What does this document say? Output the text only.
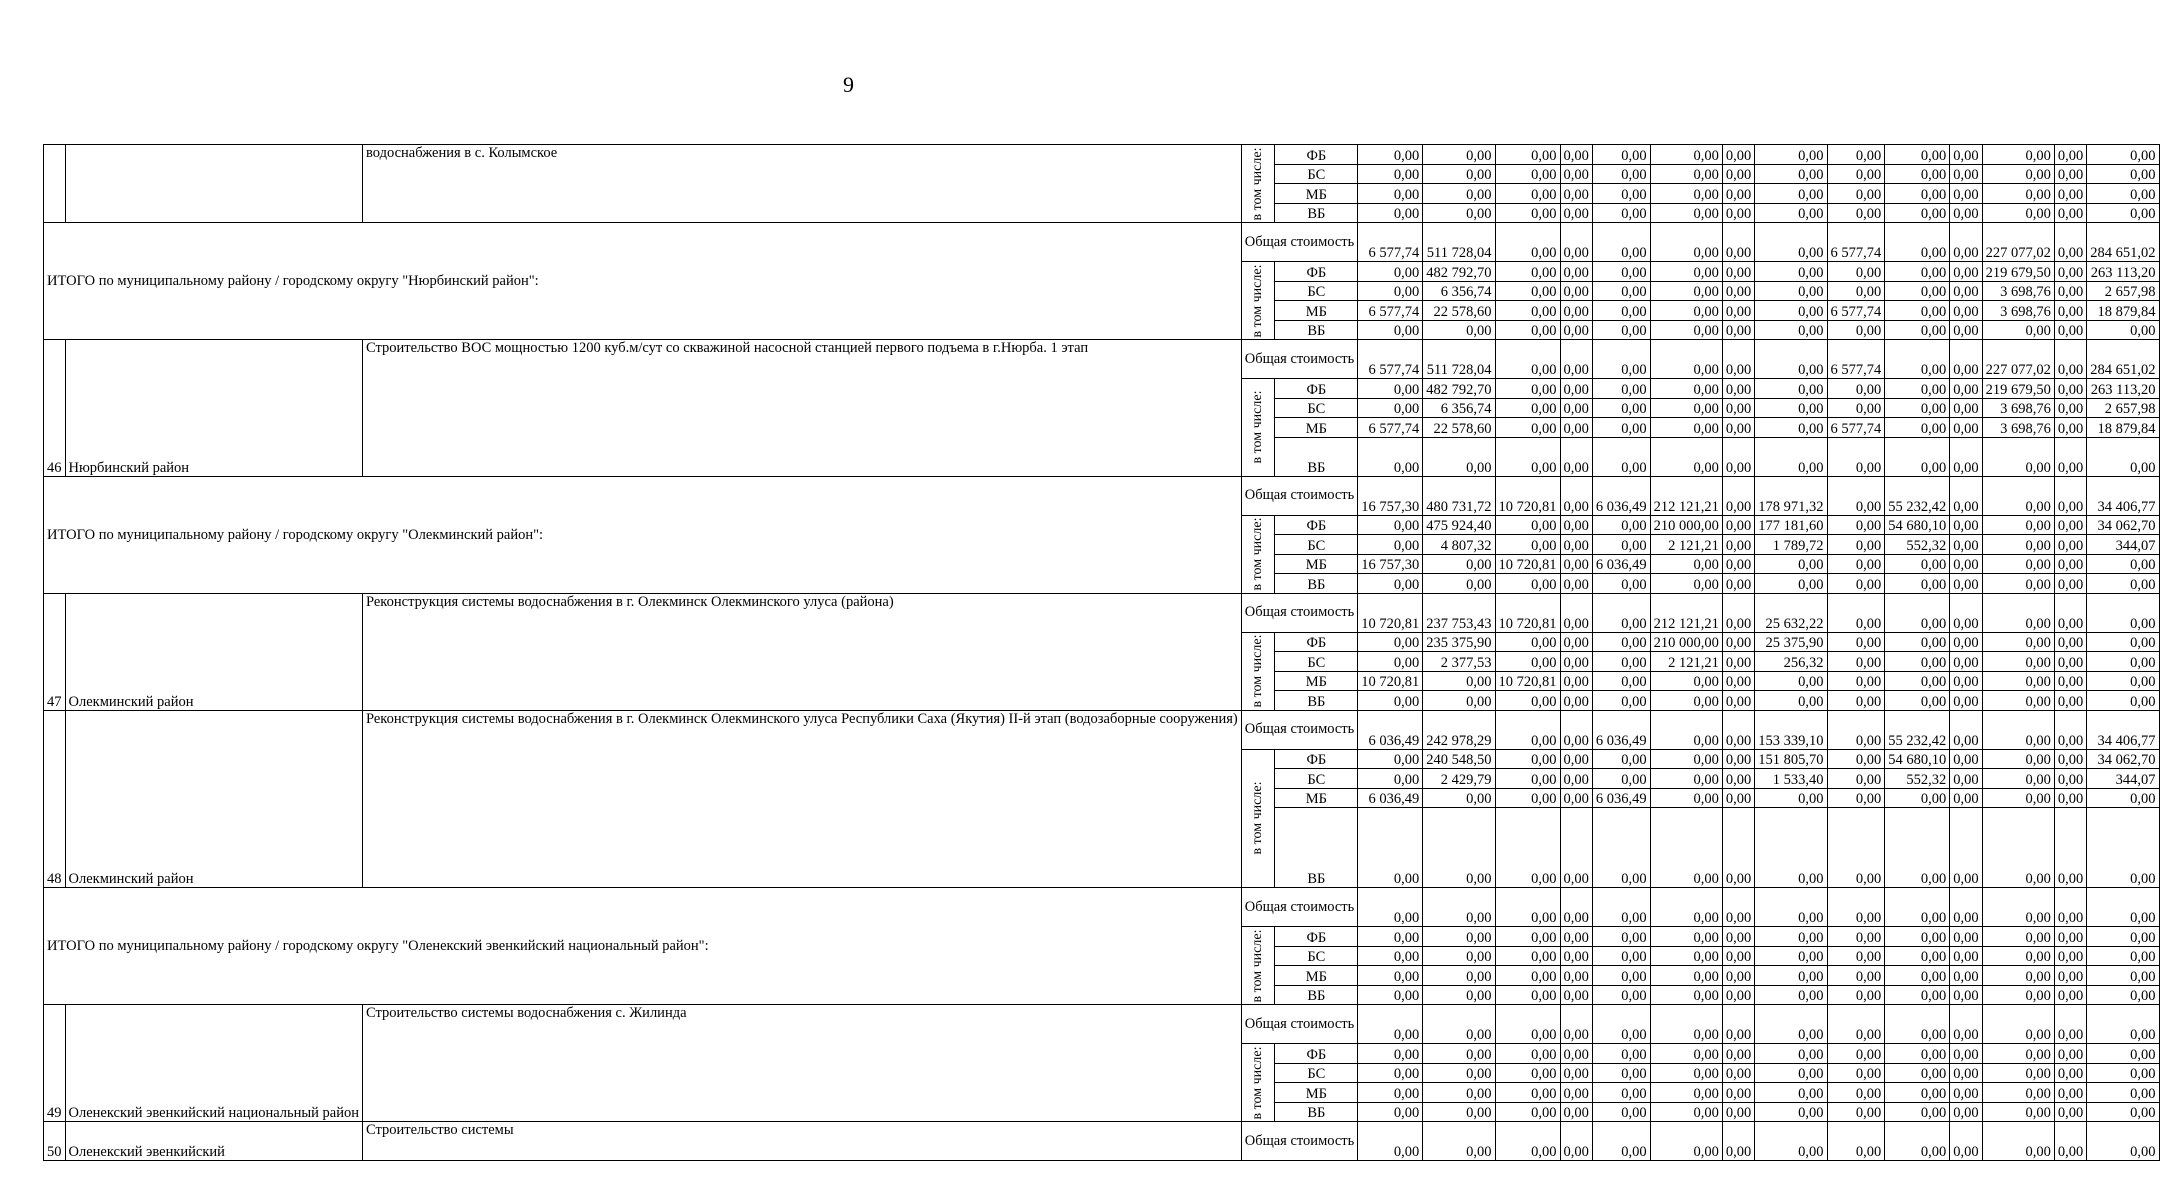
9
		водоснабжения в с. Колымское	в том числе:	ФБ	0,00	0,00	0,00	0,00	0,00	0,00	0,00	0,00	0,00	0,00	0,00	0,00	0,00	0,00
				БС	0,00	0,00	0,00	0,00	0,00	0,00	0,00	0,00	0,00	0,00	0,00	0,00	0,00	0,00
				МБ	0,00	0,00	0,00	0,00	0,00	0,00	0,00	0,00	0,00	0,00	0,00	0,00	0,00	0,00
				ВБ	0,00	0,00	0,00	0,00	0,00	0,00	0,00	0,00	0,00	0,00	0,00	0,00	0,00	0,00
ИТОГО по муниципальному району / городскому округу "Нюрбинский район":			Общая стоимость		6 577,74	511 728,04	0,00	0,00	0,00	0,00	0,00	0,00	6 577,74	0,00	0,00	227 077,02	0,00	284 651,02

			в том числе:	ФБ	0,00	482 792,70	0,00	0,00	0,00	0,00	0,00	0,00	0,00	0,00	0,00	219 679,50	0,00	263 113,20
				БС	0,00	6 356,74	0,00	0,00	0,00	0,00	0,00	0,00	0,00	0,00	0,00	3 698,76	0,00	2 657,98
				МБ	6 577,74	22 578,60	0,00	0,00	0,00	0,00	0,00	0,00	6 577,74	0,00	0,00	3 698,76	0,00	18 879,84
				ВБ	0,00	0,00	0,00	0,00	0,00	0,00	0,00	0,00	0,00	0,00	0,00	0,00	0,00	0,00
46	Нюрбинский район	Строительство ВОС мощностью 1200 куб.м/сут со скважиной насосной станцией первого подъема в г.Нюрба. 1 этап	Общая стоимость		6 577,74	511 728,04	0,00	0,00	0,00	0,00	0,00	0,00	6 577,74	0,00	0,00	227 077,02	0,00	284 651,02

			в том числе:	ФБ	0,00	482 792,70	0,00	0,00	0,00	0,00	0,00	0,00	0,00	0,00	0,00	219 679,50	0,00	263 113,20
				БС	0,00	6 356,74	0,00	0,00	0,00	0,00	0,00	0,00	0,00	0,00	0,00	3 698,76	0,00	2 657,98
				МБ	6 577,74	22 578,60	0,00	0,00	0,00	0,00	0,00	0,00	6 577,74	0,00	0,00	3 698,76	0,00	18 879,84
				ВБ	0,00	0,00	0,00	0,00	0,00	0,00	0,00	0,00	0,00	0,00	0,00	0,00	0,00	0,00
ИТОГО по муниципальному району / городскому округу "Олекминский район":			Общая стоимость		16 757,30	480 731,72	10 720,81	0,00	6 036,49	212 121,21	0,00	178 971,32	0,00	55 232,42	0,00	0,00	0,00	34 406,77

			в том числе:	ФБ	0,00	475 924,40	0,00	0,00	0,00	210 000,00	0,00	177 181,60	0,00	54 680,10	0,00	0,00	0,00	34 062,70
				БС	0,00	4 807,32	0,00	0,00	0,00	2 121,21	0,00	1 789,72	0,00	552,32	0,00	0,00	0,00	344,07
				МБ	16 757,30	0,00	10 720,81	0,00	6 036,49	0,00	0,00	0,00	0,00	0,00	0,00	0,00	0,00	0,00
				ВБ	0,00	0,00	0,00	0,00	0,00	0,00	0,00	0,00	0,00	0,00	0,00	0,00	0,00	0,00
47	Олекминский район	Реконструкция системы водоснабжения в г. Олекминск Олекминского улуса (района)	Общая стоимость		10 720,81	237 753,43	10 720,81	0,00	0,00	212 121,21	0,00	25 632,22	0,00	0,00	0,00	0,00	0,00	0,00

			в том числе:	ФБ	0,00	235 375,90	0,00	0,00	0,00	210 000,00	0,00	25 375,90	0,00	0,00	0,00	0,00	0,00	0,00
				БС	0,00	2 377,53	0,00	0,00	0,00	2 121,21	0,00	256,32	0,00	0,00	0,00	0,00	0,00	0,00
				МБ	10 720,81	0,00	10 720,81	0,00	0,00	0,00	0,00	0,00	0,00	0,00	0,00	0,00	0,00	0,00
				ВБ	0,00	0,00	0,00	0,00	0,00	0,00	0,00	0,00	0,00	0,00	0,00	0,00	0,00	0,00
48	Олекминский район	Реконструкция системы водоснабжения в г. Олекминск Олекминского улуса Республики Саха (Якутия) II-й этап (водозаборные сооружения)	Общая стоимость		6 036,49	242 978,29	0,00	0,00	6 036,49	0,00	0,00	153 339,10	0,00	55 232,42	0,00	0,00	0,00	34 406,77

			в том числе:	ФБ	0,00	240 548,50	0,00	0,00	0,00	0,00	0,00	151 805,70	0,00	54 680,10	0,00	0,00	0,00	34 062,70
				БС	0,00	2 429,79	0,00	0,00	0,00	0,00	0,00	1 533,40	0,00	552,32	0,00	0,00	0,00	344,07
				МБ	6 036,49	0,00	0,00	0,00	6 036,49	0,00	0,00	0,00	0,00	0,00	0,00	0,00	0,00	0,00
				ВБ	0,00	0,00	0,00	0,00	0,00	0,00	0,00	0,00	0,00	0,00	0,00	0,00	0,00	0,00
ИТОГО по муниципальному району / городскому округу "Оленекский эвенкийский национальный район":			Общая стоимость		0,00	0,00	0,00	0,00	0,00	0,00	0,00	0,00	0,00	0,00	0,00	0,00	0,00	0,00

			в том числе:	ФБ	0,00	0,00	0,00	0,00	0,00	0,00	0,00	0,00	0,00	0,00	0,00	0,00	0,00	0,00
				БС	0,00	0,00	0,00	0,00	0,00	0,00	0,00	0,00	0,00	0,00	0,00	0,00	0,00	0,00
				МБ	0,00	0,00	0,00	0,00	0,00	0,00	0,00	0,00	0,00	0,00	0,00	0,00	0,00	0,00
				ВБ	0,00	0,00	0,00	0,00	0,00	0,00	0,00	0,00	0,00	0,00	0,00	0,00	0,00	0,00
49	Оленекский эвенкийский национальный район	Строительство системы водоснабжения с. Жилинда	Общая стоимость		0,00	0,00	0,00	0,00	0,00	0,00	0,00	0,00	0,00	0,00	0,00	0,00	0,00	0,00

			в том числе:	ФБ	0,00	0,00	0,00	0,00	0,00	0,00	0,00	0,00	0,00	0,00	0,00	0,00	0,00	0,00
				БС	0,00	0,00	0,00	0,00	0,00	0,00	0,00	0,00	0,00	0,00	0,00	0,00	0,00	0,00
				МБ	0,00	0,00	0,00	0,00	0,00	0,00	0,00	0,00	0,00	0,00	0,00	0,00	0,00	0,00
				ВБ	0,00	0,00	0,00	0,00	0,00	0,00	0,00	0,00	0,00	0,00	0,00	0,00	0,00	0,00
50	Оленекский эвенкийский	Строительство системы	Общая стоимость		0,00	0,00	0,00	0,00	0,00	0,00	0,00	0,00	0,00	0,00	0,00	0,00	0,00	0,00
